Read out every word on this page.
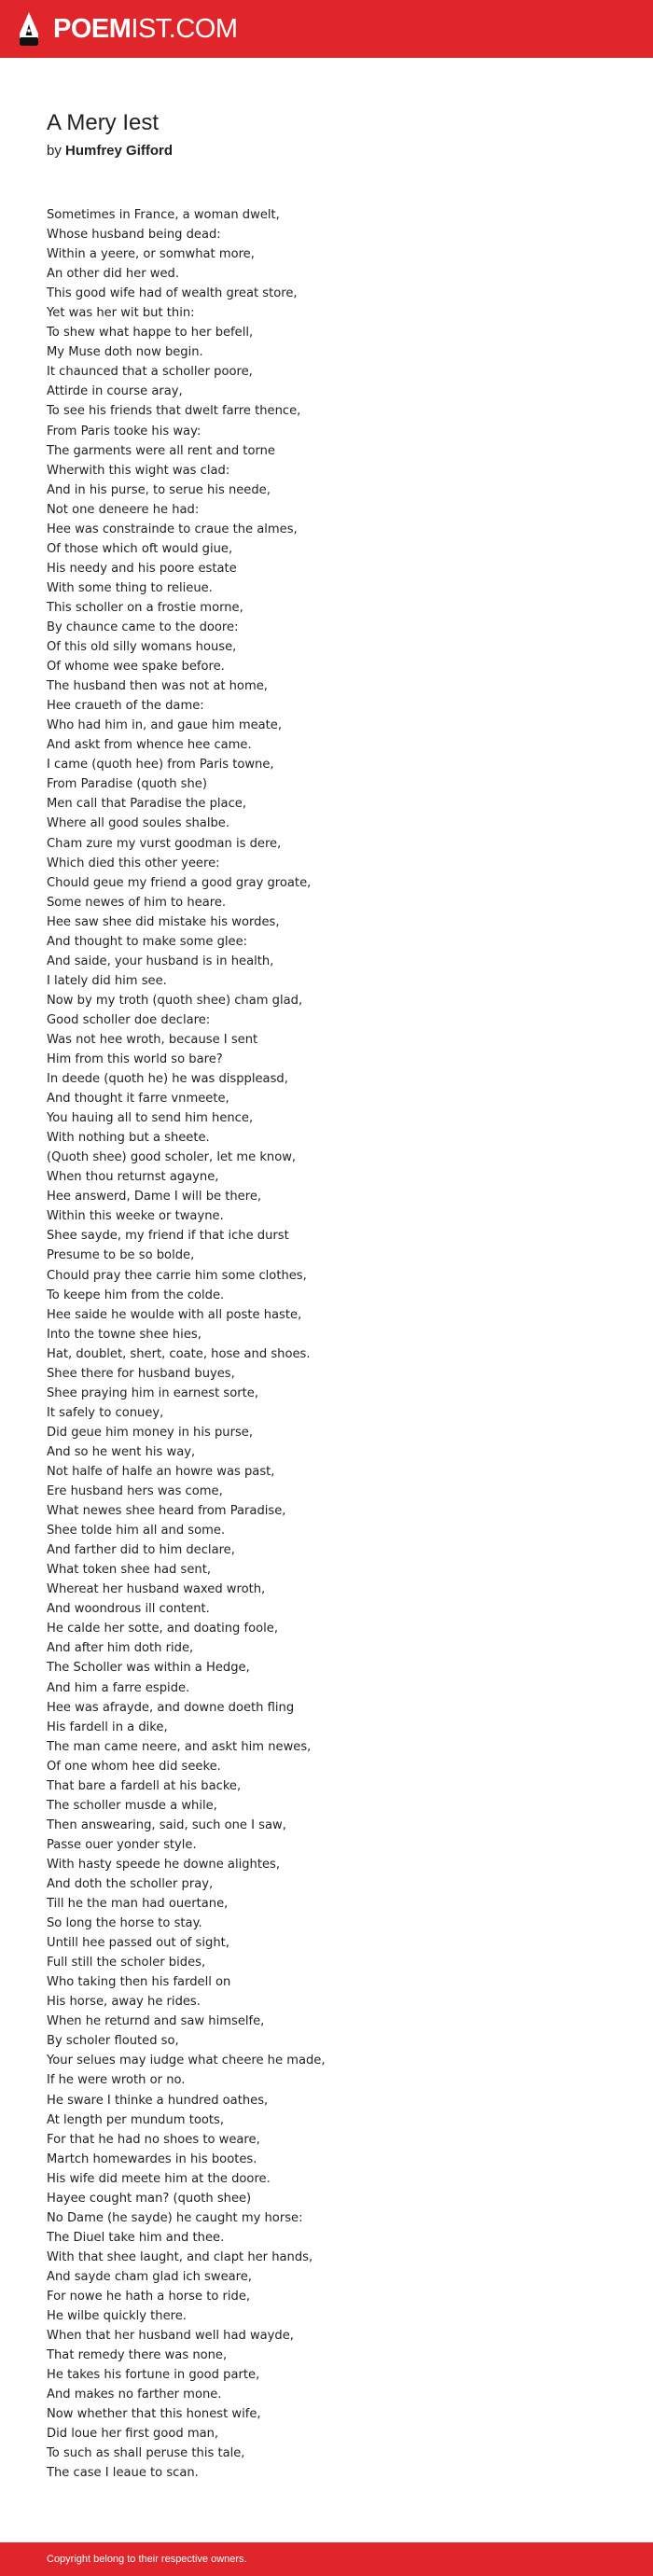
POEMIST.COM
A Mery Iest
by Humfrey Gifford
Sometimes in France, a woman dwelt,
Whose husband being dead:
Within a yeere, or somwhat more,
An other did her wed.
This good wife had of wealth great store,
Yet was her wit but thin:
To shew what happe to her befell,
My Muse doth now begin.
It chaunced that a scholler poore,
Attirde in course aray,
To see his friends that dwelt farre thence,
From Paris tooke his way:
The garments were all rent and torne
Wherwith this wight was clad:
And in his purse, to serue his neede,
Not one deneere he had:
Hee was constrainde to craue the almes,
Of those which oft would giue,
His needy and his poore estate
With some thing to relieue.
This scholler on a frostie morne,
By chaunce came to the doore:
Of this old silly womans house,
Of whome wee spake before.
The husband then was not at home,
Hee craueth of the dame:
Who had him in, and gaue him meate,
And askt from whence hee came.
I came (quoth hee) from Paris towne,
From Paradise (quoth she)
Men call that Paradise the place,
Where all good soules shalbe.
Cham zure my vurst goodman is dere,
Which died this other yeere:
Chould geue my friend a good gray groate,
Some newes of him to heare.
Hee saw shee did mistake his wordes,
And thought to make some glee:
And saide, your husband is in health,
I lately did him see.
Now by my troth (quoth shee) cham glad,
Good scholler doe declare:
Was not hee wroth, because I sent
Him from this world so bare?
In deede (quoth he) he was disppleasd,
And thought it farre vnmeete,
You hauing all to send him hence,
With nothing but a sheete.
(Quoth shee) good scholer, let me know,
When thou returnst agayne,
Hee answerd, Dame I will be there,
Within this weeke or twayne.
Shee sayde, my friend if that iche durst
Presume to be so bolde,
Chould pray thee carrie him some clothes,
To keepe him from the colde.
Hee saide he woulde with all poste haste,
Into the towne shee hies,
Hat, doublet, shert, coate, hose and shoes.
Shee there for husband buyes,
Shee praying him in earnest sorte,
It safely to conuey,
Did geue him money in his purse,
And so he went his way,
Not halfe of halfe an howre was past,
Ere husband hers was come,
What newes shee heard from Paradise,
Shee tolde him all and some.
And farther did to him declare,
What token shee had sent,
Whereat her husband waxed wroth,
And woondrous ill content.
He calde her sotte, and doating foole,
And after him doth ride,
The Scholler was within a Hedge,
And him a farre espide.
Hee was afrayde, and downe doeth fling
His fardell in a dike,
The man came neere, and askt him newes,
Of one whom hee did seeke.
That bare a fardell at his backe,
The scholler musde a while,
Then answearing, said, such one I saw,
Passe ouer yonder style.
With hasty speede he downe alightes,
And doth the scholler pray,
Till he the man had ouertane,
So long the horse to stay.
Untill hee passed out of sight,
Full still the scholer bides,
Who taking then his fardell on
His horse, away he rides.
When he returnd and saw himselfe,
By scholer flouted so,
Your selues may iudge what cheere he made,
If he were wroth or no.
He sware I thinke a hundred oathes,
At length per mundum toots,
For that he had no shoes to weare,
Martch homewardes in his bootes.
His wife did meete him at the doore.
Hayee cought man? (quoth shee)
No Dame (he sayde) he caught my horse:
The Diuel take him and thee.
With that shee laught, and clapt her hands,
And sayde cham glad ich sweare,
For nowe he hath a horse to ride,
He wilbe quickly there.
When that her husband well had wayde,
That remedy there was none,
He takes his fortune in good parte,
And makes no farther mone.
Now whether that this honest wife,
Did loue her first good man,
To such as shall peruse this tale,
The case I leaue to scan.
Copyright belong to their respective owners.
